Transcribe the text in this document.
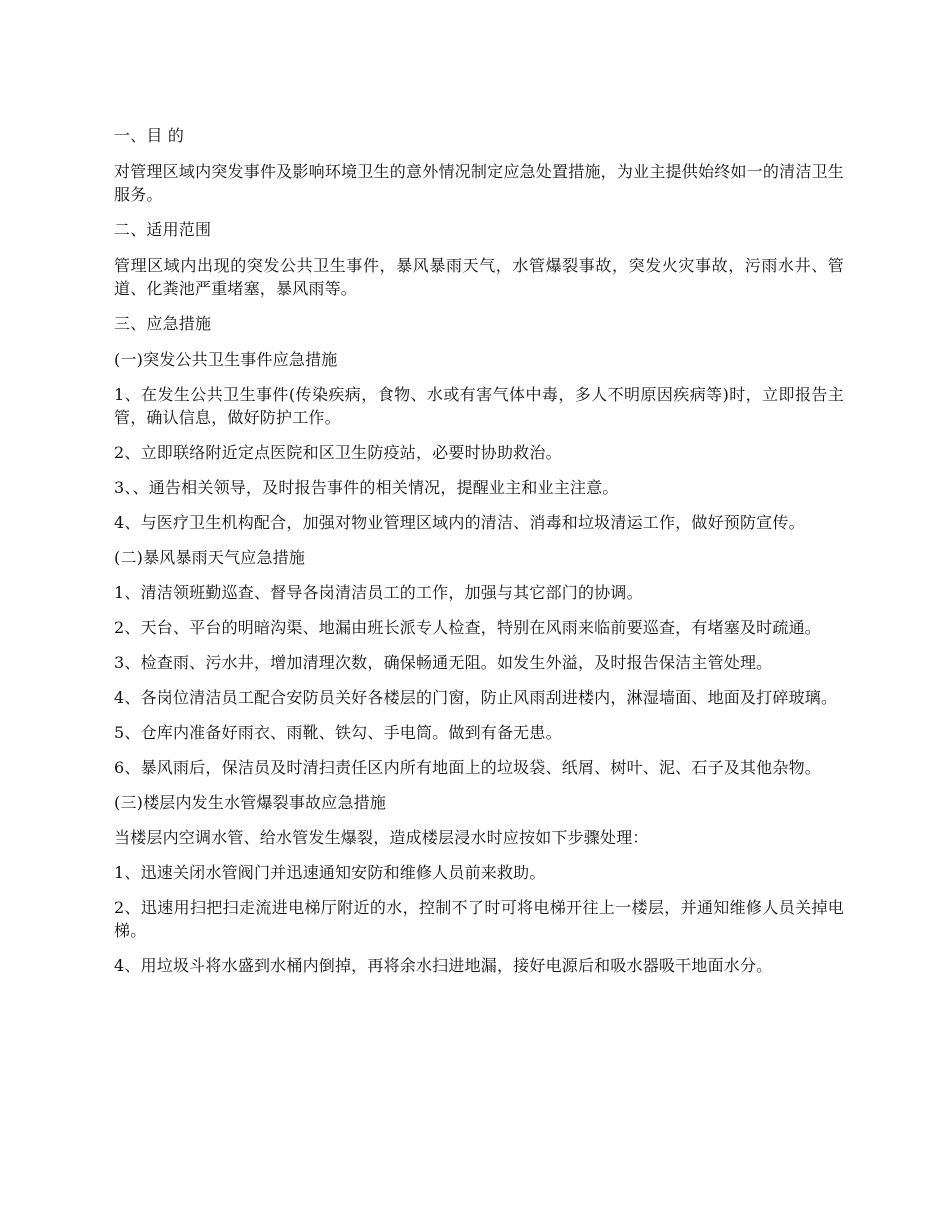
一、目 的

对管理区域内突发事件及影响环境卫生的意外情况制定应急处置措施，为业主提供始终如一的清洁卫生服务。

二、适用范围

管理区域内出现的突发公共卫生事件，暴风暴雨天气，水管爆裂事故，突发火灾事故，污雨水井、管道、化粪池严重堵塞，暴风雨等。

三、应急措施

(一)突发公共卫生事件应急措施

1、在发生公共卫生事件(传染疾病，食物、水或有害气体中毒，多人不明原因疾病等)时，立即报告主管，确认信息，做好防护工作。

2、立即联络附近定点医院和区卫生防疫站，必要时协助救治。

3、、通告相关领导，及时报告事件的相关情况，提醒业主和业主注意。

4、与医疗卫生机构配合，加强对物业管理区域内的清洁、消毒和垃圾清运工作，做好预防宣传。

(二)暴风暴雨天气应急措施

1、清洁领班勤巡查、督导各岗清洁员工的工作，加强与其它部门的协调。

2、天台、平台的明暗沟渠、地漏由班长派专人检查，特别在风雨来临前要巡查，有堵塞及时疏通。

3、检查雨、污水井，增加清理次数，确保畅通无阻。如发生外溢，及时报告保洁主管处理。

4、各岗位清洁员工配合安防员关好各楼层的门窗，防止风雨刮进楼内，淋湿墙面、地面及打碎玻璃。

5、仓库内准备好雨衣、雨靴、铁勾、手电筒。做到有备无患。

6、暴风雨后，保洁员及时清扫责任区内所有地面上的垃圾袋、纸屑、树叶、泥、石子及其他杂物。

(三)楼层内发生水管爆裂事故应急措施

当楼层内空调水管、给水管发生爆裂，造成楼层浸水时应按如下步骤处理：

1、迅速关闭水管阀门并迅速通知安防和维修人员前来救助。

2、迅速用扫把扫走流进电梯厅附近的水，控制不了时可将电梯开往上一楼层，并通知维修人员关掉电梯。

4、用垃圾斗将水盛到水桶内倒掉，再将余水扫进地漏，接好电源后和吸水器吸干地面水分。
